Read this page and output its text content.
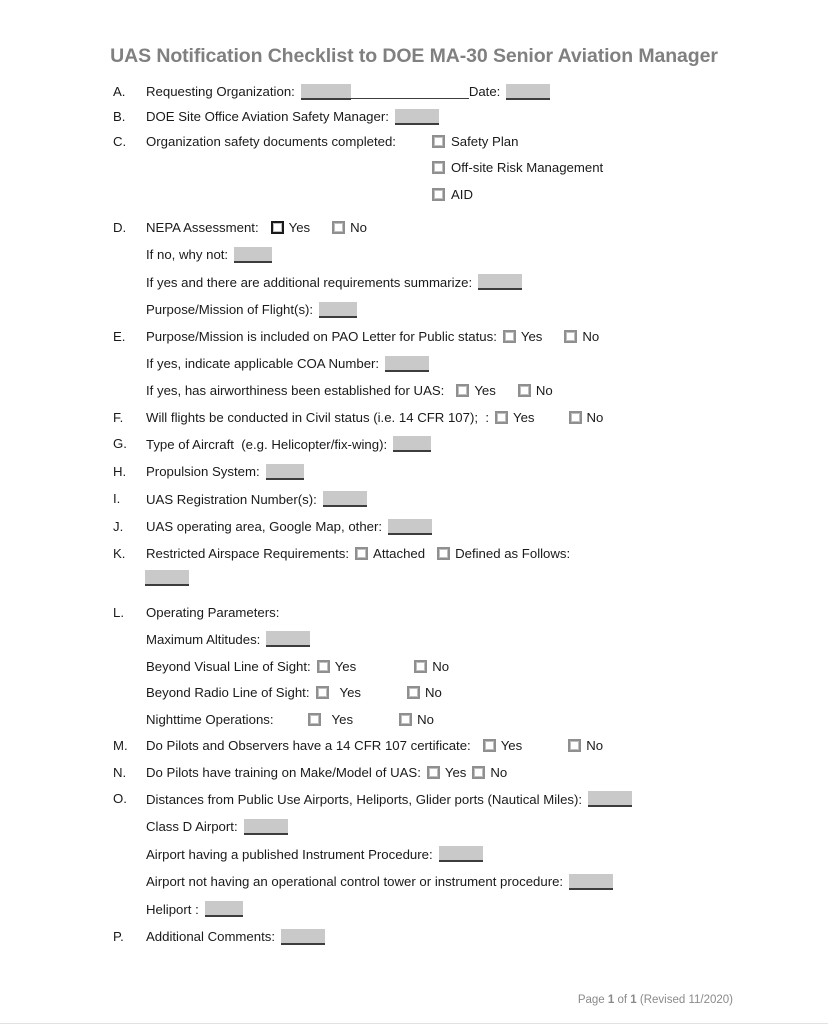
UAS Notification Checklist to DOE MA-30 Senior Aviation Manager
A.	Requesting Organization:	Date:
B.	DOE Site Office Aviation Safety Manager:
C.	Organization safety documents completed:	Safety Plan
Off-site Risk Management
AID
D.	NEPA Assessment: Yes	No
If no, why not:
If yes and there are additional requirements summarize:
Purpose/Mission of Flight(s):
E.	Purpose/Mission is included on PAO Letter for Public status: Yes	No
If yes, indicate applicable COA Number:
If yes, has airworthiness been established for UAS: Yes	No
F.	Will flights be conducted in Civil status (i.e. 14 CFR 107);  : Yes	No
G.	Type of Aircraft  (e.g. Helicopter/fix-wing):
H.	Propulsion System:
I.	UAS Registration Number(s):
J.	UAS operating area, Google Map, other:
K.	Restricted Airspace Requirements: Attached Defined as Follows:
L.	Operating Parameters:
Maximum Altitudes:
Beyond Visual Line of Sight: Yes	No
Beyond Radio Line of Sight: Yes	No
Nighttime Operations:	Yes	No
M.	Do Pilots and Observers have a 14 CFR 107 certificate: Yes	No
N.	Do Pilots have training on Make/Model of UAS: Yes No
O.	Distances from Public Use Airports, Heliports, Glider ports (Nautical Miles):
Class D Airport:
Airport having a published Instrument Procedure:
Airport not having an operational control tower or instrument procedure:
Heliport :
P.	Additional Comments:
Page 1 of 1 (Revised 11/2020)
